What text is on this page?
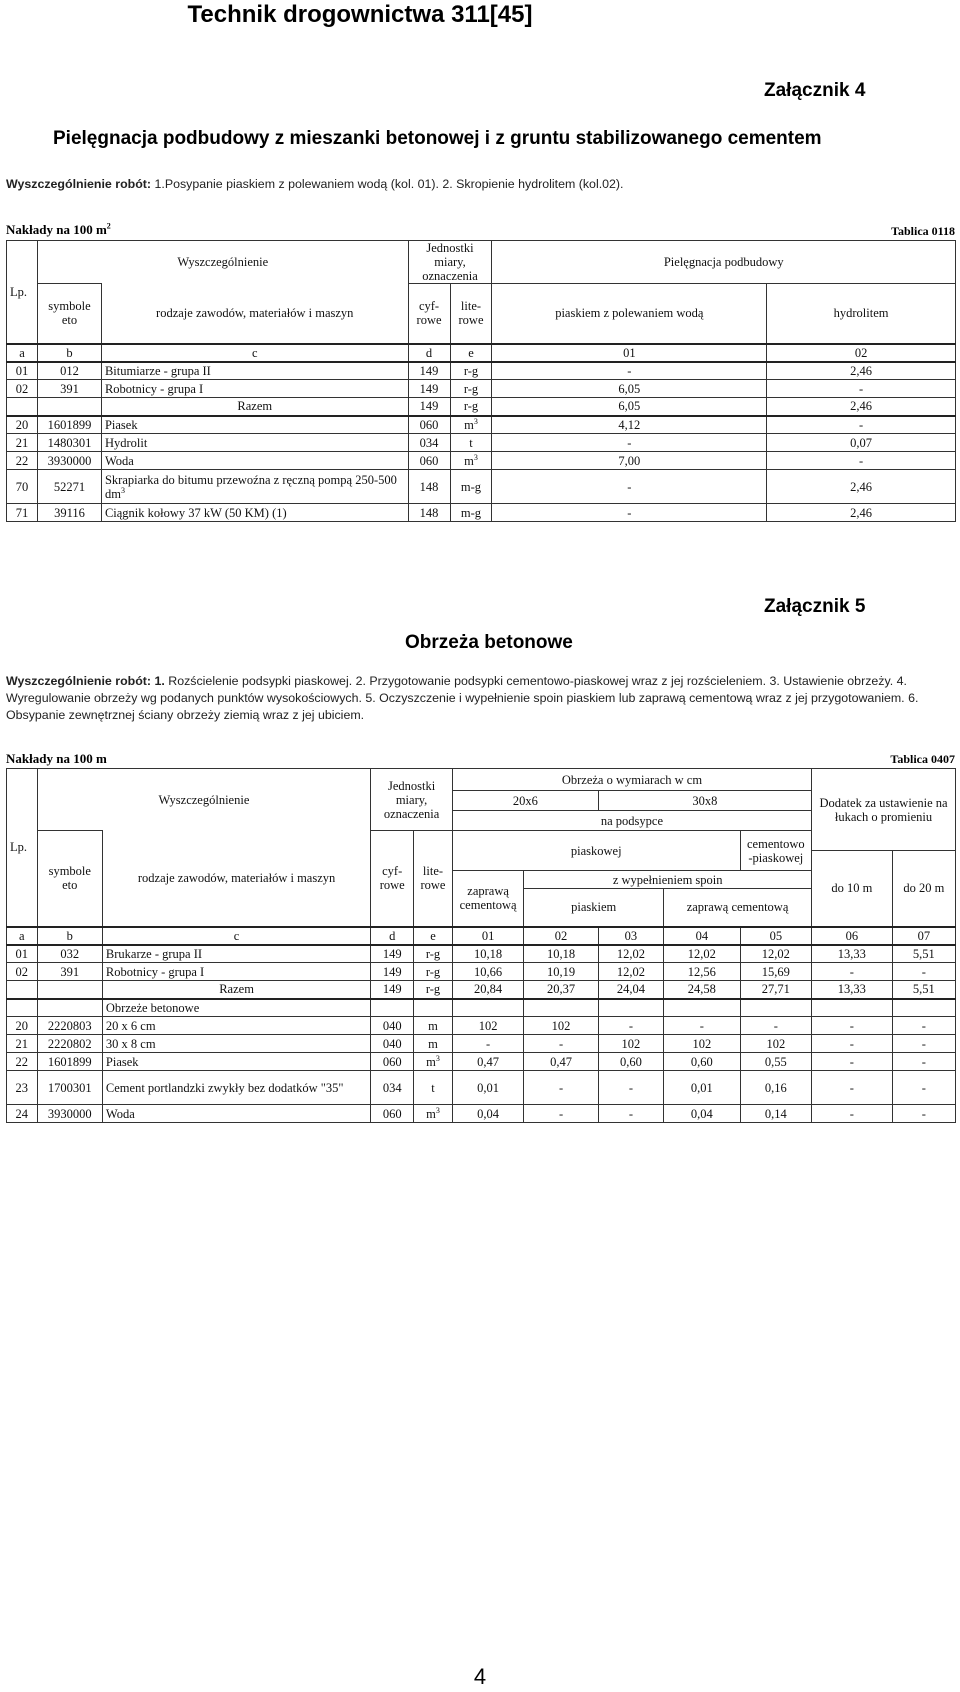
Technik drogownictwa 311[45]
Załącznik 4
Pielęgnacja podbudowy z mieszanki betonowej i z gruntu stabilizowanego cementem
Wyszczególnienie robót: 1.Posypanie piaskiem z polewaniem wodą (kol. 01). 2. Skropienie hydrolitem (kol.02).
Nakłady na 100 $m^2$	Tablica 0118
Lp.	Wyszczególnienie		Jednostki miary, oznaczenia		Pielęgnacja podbudowy	
	symbole eto	rodzaje zawodów, materiałów i maszyn	cyf- rowe	lite- rowe	piaskiem z polewaniem wodą	hydrolitem

a	b	c	d	e	01	02
01	012	Bitumiarze - grupa II	149	r-g	-	2,46
02	391	Robotnicy - grupa I	149	r-g	6,05	-
		Razem	149	r-g	6,05	2,46
20	1601899	Piasek	060	$m^3$	4,12	-
21	1480301	Hydrolit	034	t	-	0,07
22	3930000	Woda	060	$m^3$	7,00	-
70	52271	Skrapiarka do bitumu przewoźna z ręczną pompą 250-500 $dm^3$	148	m-g	-	2,46
71	39116	Ciągnik kołowy 37 kW (50 KM) (1)	148	m-g	-	2,46
Załącznik 5
Obrzeża betonowe
Wyszczególnienie robót: 1. Rozścielenie podsypki piaskowej. 2. Przygotowanie podsypki cementowo-piaskowej wraz z jej rozścieleniem. 3. Ustawienie obrzeży. 4. Wyregulowanie obrzeży wg podanych punktów wysokościowych. 5. Oczyszczenie i wypełnienie spoin piaskiem lub zaprawą cementową wraz z jej przygotowaniem. 6. Obsypanie zewnętrznej ściany obrzeży ziemią wraz z jej ubiciem.
Nakłady na 100 m	Tablica 0407
Lp.	Wyszczególnienie		Jednostki miary, oznaczenia		Obrzeża o wymiarach w cm					Dodatek za ustawienie na łukach o promieniu	
					20x6		30x8				
					na podsypce						
	symbole eto	rodzaje zawodów, materiałów i maszyn	cyf- rowe	lite- rowe	piaskowej				cementowo -piaskowej		
										do 10 m	do 20 m
					zaprawą cementową	z wypełnieniem spoin					
						piaskiem		zaprawą cementową			
a	b	c	d	e	01	02	03	04	05	06	07
01	032	Brukarze - grupa II	149	r-g	10,18	10,18	12,02	12,02	12,02	13,33	5,51
02	391	Robotnicy - grupa I	149	r-g	10,66	10,19	12,02	12,56	15,69	-	-
		Razem	149	r-g	20,84	20,37	24,04	24,58	27,71	13,33	5,51
		Obrzeże betonowe									
20	2220803	20 x 6 cm	040	m	102	102	-	-	-	-	-
21	2220802	30 x 8 cm	040	m	-	-	102	102	102	-	-
22	1601899	Piasek	060	$m^3$	0,47	0,47	0,60	0,60	0,55	-	-
23	1700301	Cement portlandzki zwykły bez dodatków "35"	034	t	0,01	-	-	0,01	0,16	-	-
24	3930000	Woda	060	$m^3$	0,04	-	-	0,04	0,14	-	-
4
